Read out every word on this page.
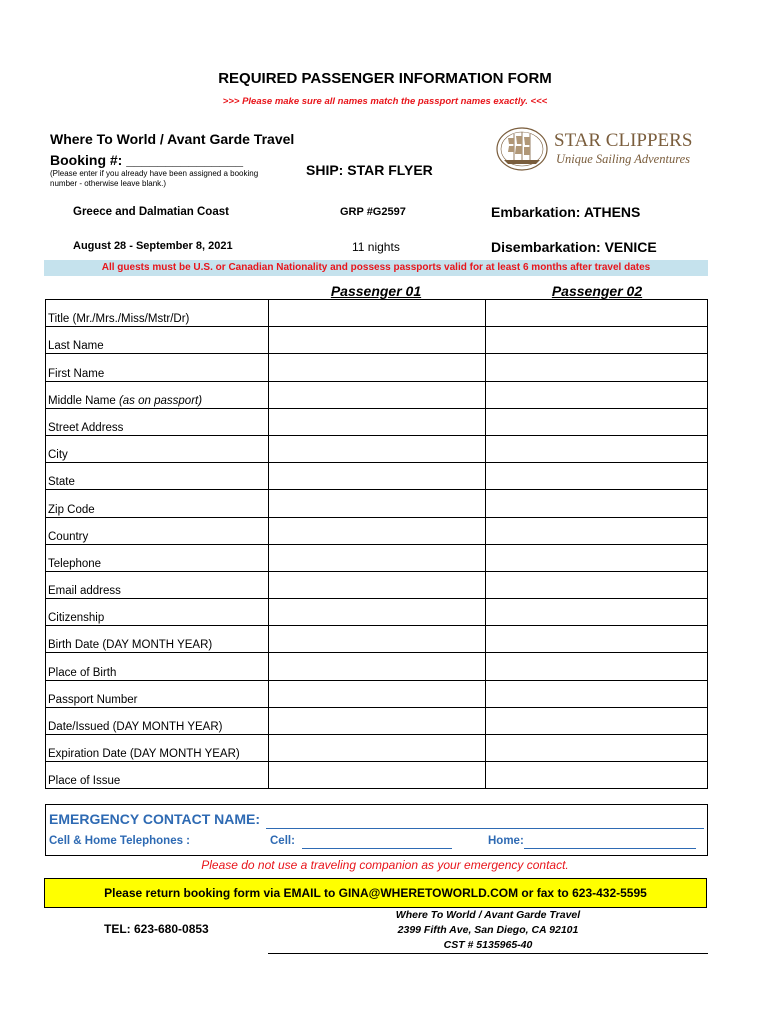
REQUIRED PASSENGER INFORMATION FORM
>>> Please make sure all names match the passport names exactly. <<<
Where To World / Avant Garde Travel
Booking #: _______________
(Please enter if you already have been assigned a booking number - otherwise leave blank.)
SHIP: STAR FLYER
STAR CLIPPERS
Unique Sailing Adventures
Greece and Dalmatian Coast	GRP #G2597	Embarkation: ATHENS
August 28 - September 8, 2021	11 nights	Disembarkation: VENICE
All guests must be U.S. or Canadian Nationality and possess passports valid for at least 6 months after travel dates
Passenger 01	Passenger 02
Title (Mr./Mrs./Miss/Mstr/Dr)		
Last Name		
First Name		
Middle Name (as on passport)		
Street Address		
City		
State		
Zip Code		
Country		
Telephone		
Email address		
Citizenship		
Birth Date (DAY MONTH YEAR)		
Place of Birth		
Passport Number		
Date/Issued (DAY MONTH YEAR)		
Expiration Date (DAY MONTH YEAR)		
Place of Issue		
EMERGENCY CONTACT NAME:
Cell & Home Telephones :	Cell:	Home:
Please do not use a traveling companion as your emergency contact.
Please return booking form via EMAIL to GINA@WHERETOWORLD.COM or fax to 623-432-5595
TEL: 623-680-0853
Where To World / Avant Garde Travel
2399 Fifth Ave, San Diego, CA 92101
CST # 5135965-40
